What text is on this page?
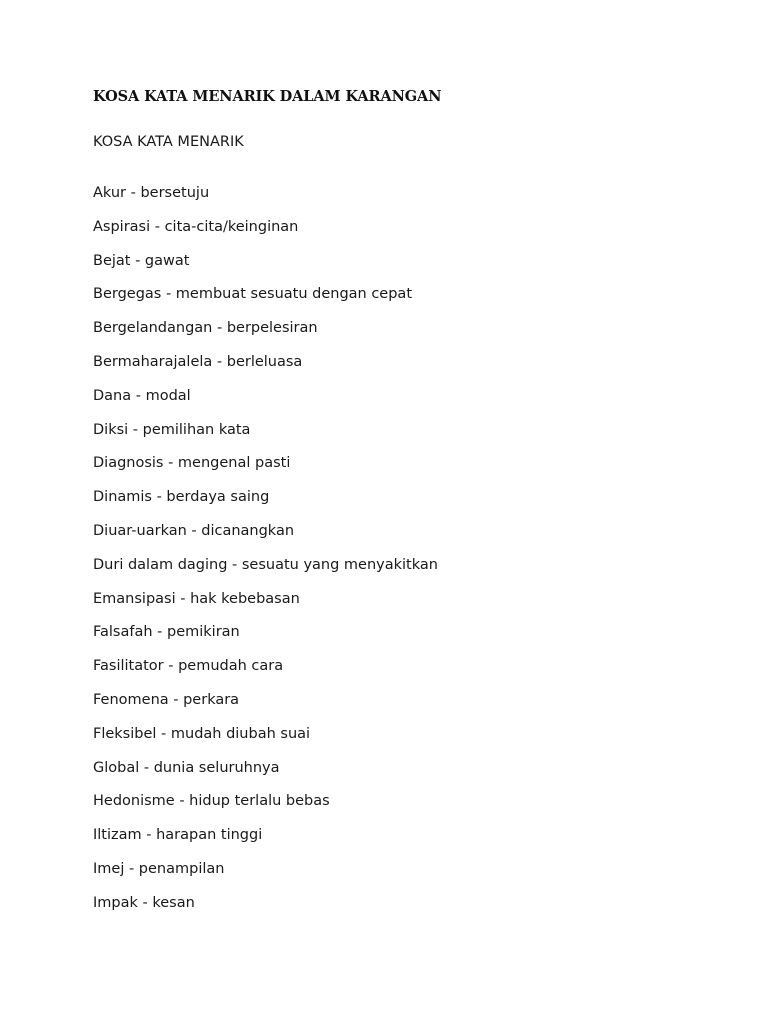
KOSA KATA MENARIK DALAM KARANGAN
KOSA KATA MENARIK
Akur - bersetuju
Aspirasi - cita-cita/keinginan
Bejat - gawat
Bergegas - membuat sesuatu dengan cepat
Bergelandangan - berpelesiran
Bermaharajalela - berleluasa
Dana - modal
Diksi - pemilihan kata
Diagnosis - mengenal pasti
Dinamis - berdaya saing
Diuar-uarkan - dicanangkan
Duri dalam daging - sesuatu yang menyakitkan
Emansipasi - hak kebebasan
Falsafah - pemikiran
Fasilitator - pemudah cara
Fenomena - perkara
Fleksibel - mudah diubah suai
Global - dunia seluruhnya
Hedonisme - hidup terlalu bebas
Iltizam - harapan tinggi
Imej - penampilan
Impak - kesan
